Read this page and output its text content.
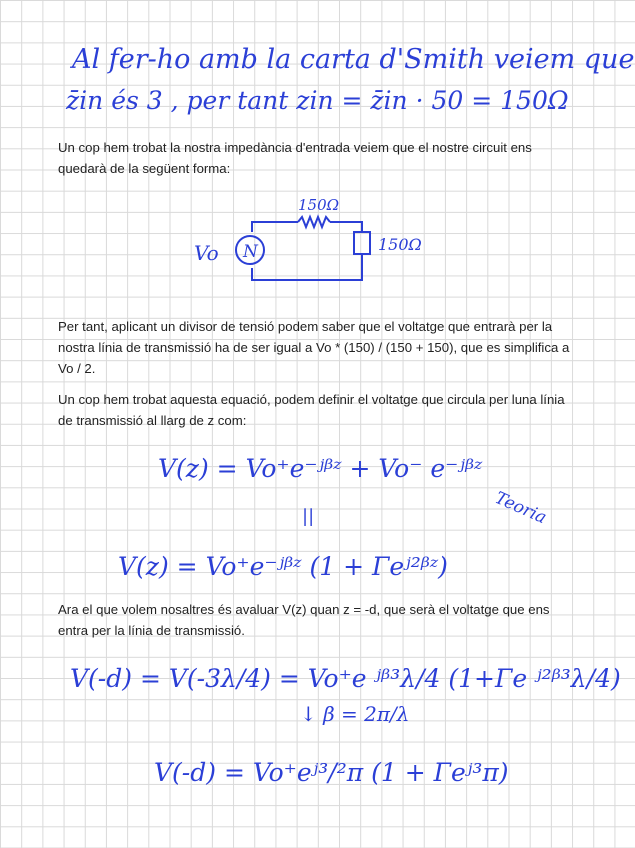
Al fer-ho amb la carta d'Smith veiem que
z̄in és 3 , per tant zin = z̄in · 50 = 150Ω

Un cop hem trobat la nostra impedància d'entrada veiem que el nostre circuit ens quedarà de la següent forma:

N
Vo
150Ω
150Ω

Per tant, aplicant un divisor de tensió podem saber que el voltatge que entrarà per la nostra línia de transmissió ha de ser igual a Vo * (150) / (150 + 150), que es simplifica a Vo / 2.

Un cop hem trobat aquesta equació, podem definir el voltatge que circula per luna línia de transmissió al llarg de z com:

V(z) = Vo⁺e⁻ʲᵝᶻ + Vo⁻ e⁻ʲᵝᶻ
Teoria
||
V(z) = Vo⁺e⁻ʲᵝᶻ (1 + Γeʲ²ᵝᶻ)

Ara el que volem nosaltres és avaluar V(z) quan z = -d, que serà el voltatge que ens entra per la línia de transmissió.

V(-d) = V(-3λ/4) = Vo⁺e ʲᵝ³λ/4 (1+Γe ʲ²ᵝ³λ/4)
↓ β = 2π/λ
V(-d) = Vo⁺eʲ³/²π (1 + Γeʲ³π)
